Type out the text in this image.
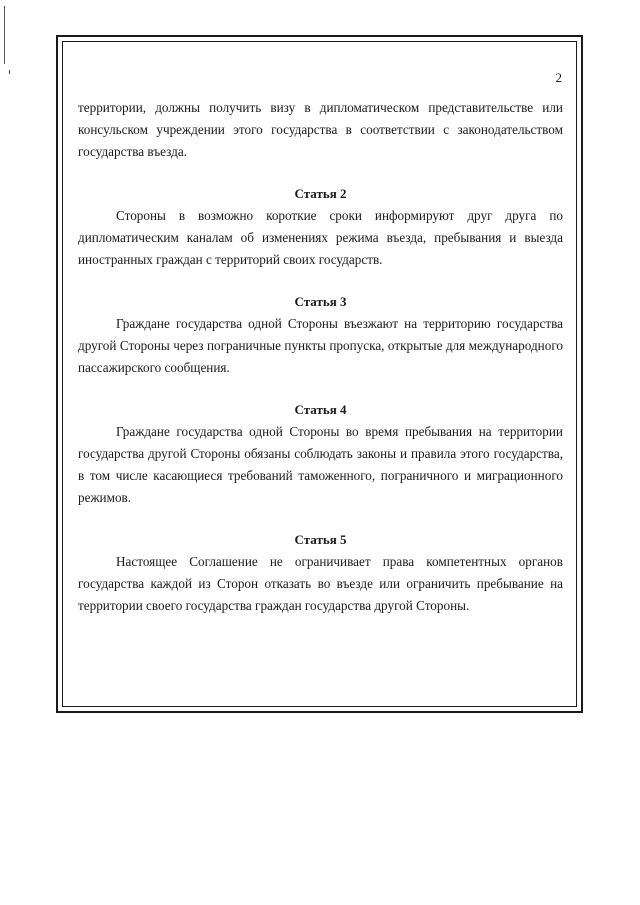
2

территории, должны получить визу в дипломатическом представительстве или консульском учреждении этого государства в соответствии с законодательством государства въезда.

Статья 2

Стороны в возможно короткие сроки информируют друг друга по дипломатическим каналам об изменениях режима въезда, пребывания и выезда иностранных граждан с территорий своих государств.

Статья 3

Граждане государства одной Стороны въезжают на территорию государства другой Стороны через пограничные пункты пропуска, открытые для международного пассажирского сообщения.

Статья 4

Граждане государства одной Стороны во время пребывания на территории государства другой Стороны обязаны соблюдать законы и правила этого государства, в том числе касающиеся требований таможенного, пограничного и миграционного режимов.

Статья 5

Настоящее Соглашение не ограничивает права компетентных органов государства каждой из Сторон отказать во въезде или ограничить пребывание на территории своего государства граждан государства другой Стороны.
